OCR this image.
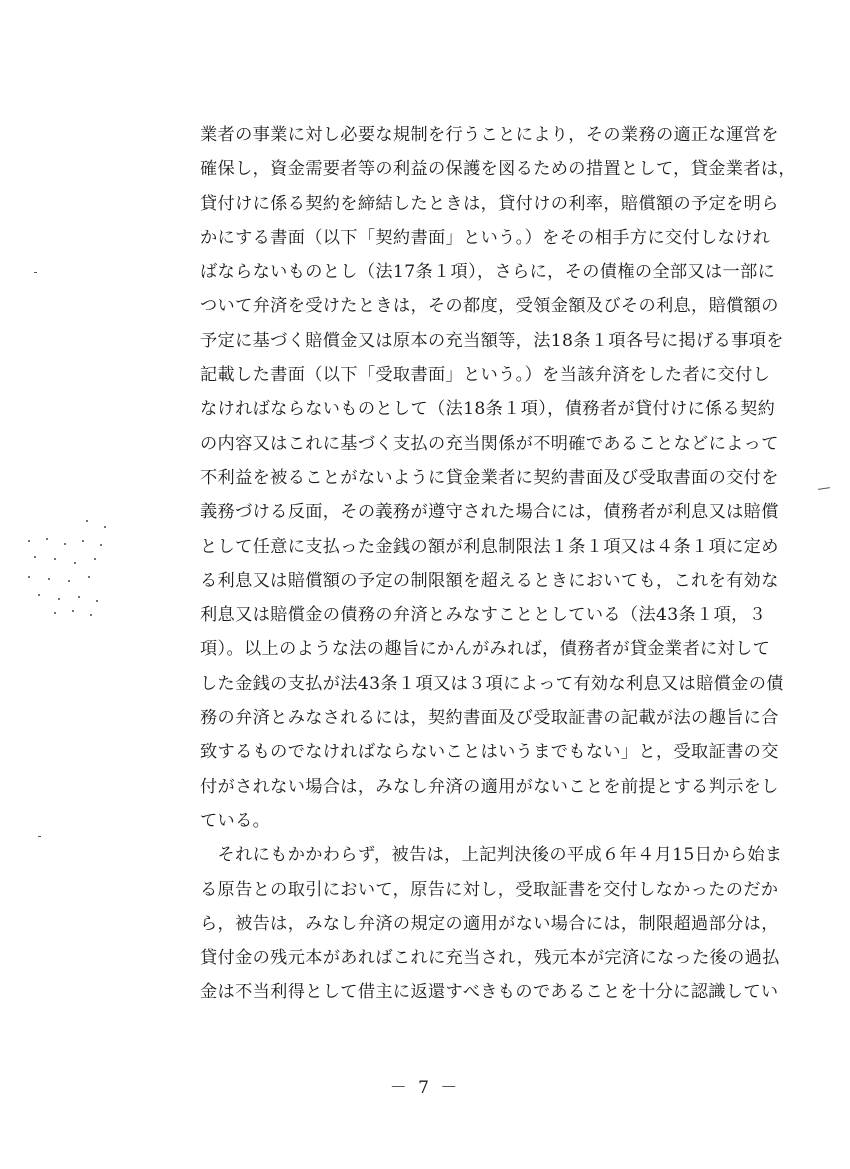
業者の事業に対し必要な規制を行うことにより，その業務の適正な運営を
確保し，資金需要者等の利益の保護を図るための措置として，貸金業者は，
貸付けに係る契約を締結したときは，貸付けの利率，賠償額の予定を明ら
かにする書面（以下「契約書面」という。）をその相手方に交付しなけれ
ばならないものとし（法17条１項），さらに，その債権の全部又は一部に
ついて弁済を受けたときは，その都度，受領金額及びその利息，賠償額の
予定に基づく賠償金又は原本の充当額等，法18条１項各号に掲げる事項を
記載した書面（以下「受取書面」という。）を当該弁済をした者に交付し
なければならないものとして（法18条１項），債務者が貸付けに係る契約
の内容又はこれに基づく支払の充当関係が不明確であることなどによって
不利益を被ることがないように貸金業者に契約書面及び受取書面の交付を
義務づける反面，その義務が遵守された場合には，債務者が利息又は賠償
として任意に支払った金銭の額が利息制限法１条１項又は４条１項に定め
る利息又は賠償額の予定の制限額を超えるときにおいても，これを有効な
利息又は賠償金の債務の弁済とみなすこととしている（法43条１項，３
項）。以上のような法の趣旨にかんがみれば，債務者が貸金業者に対して
した金銭の支払が法43条１項又は３項によって有効な利息又は賠償金の債
務の弁済とみなされるには，契約書面及び受取証書の記載が法の趣旨に合
致するものでなければならないことはいうまでもない」と，受取証書の交
付がされない場合は，みなし弁済の適用がないことを前提とする判示をし
ている。
　それにもかかわらず，被告は，上記判決後の平成６年４月15日から始ま
る原告との取引において，原告に対し，受取証書を交付しなかったのだか
ら，被告は，みなし弁済の規定の適用がない場合には，制限超過部分は，
貸付金の残元本があればこれに充当され，残元本が完済になった後の過払
金は不当利得として借主に返還すべきものであることを十分に認識してい
－ 7 －
